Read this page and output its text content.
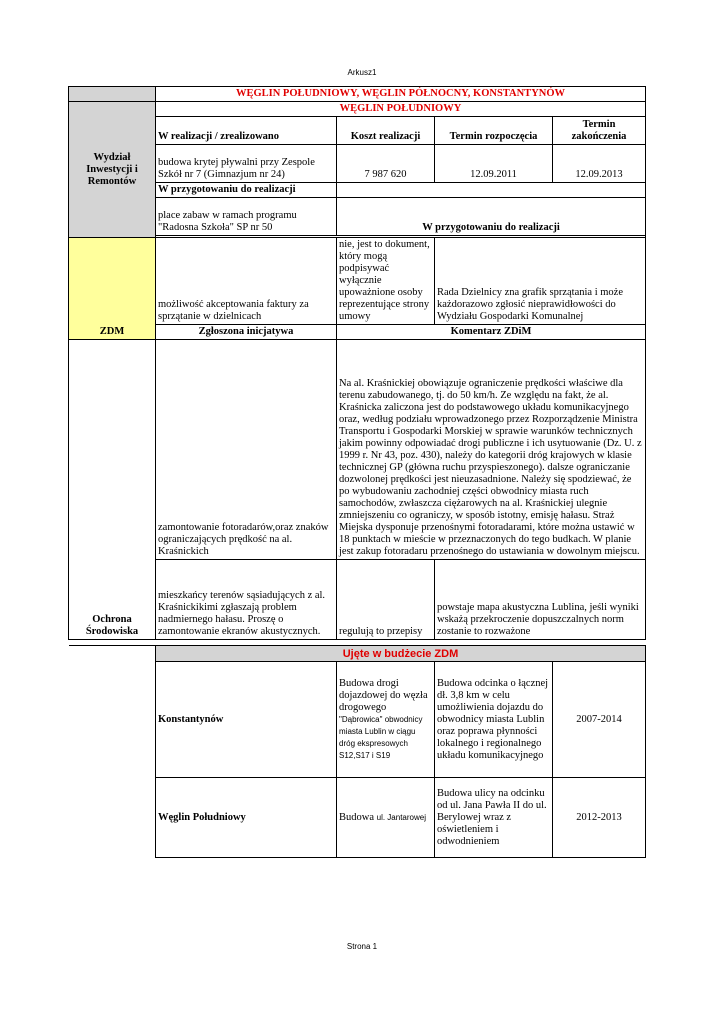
Arkusz1
	WĘGLIN POŁUDNIOWY, WĘGLIN PÓŁNOCNY, KONSTANTYNÓW			
Wydział Inwestycji i Remontów	WĘGLIN POŁUDNIOWY			
	W realizacji / zrealizowano	Koszt realizacji	Termin rozpoczęcia	Termin zakończenia
	budowa krytej pływalni przy Zespole Szkół nr 7 (Gimnazjum nr 24)	7 987 620	12.09.2011	12.09.2013
	W przygotowaniu do realizacji			
	place zabaw w ramach programu "Radosna Szkoła" SP nr 50	W przygotowaniu do realizacji		

ZDM	możliwość akceptowania faktury za sprzątanie w dzielnicach	nie, jest to dokument, który mogą podpisywać wyłącznie upoważnione osoby reprezentujące strony umowy	Rada Dzielnicy zna grafik sprzątania i może każdorazowo zgłosić nieprawidłowości do Wydziału Gospodarki Komunalnej	
	Zgłoszona inicjatywa	Komentarz ZDiM		
Ochrona Środowiska	zamontowanie fotoradarów,oraz znaków ograniczających prędkość na al. Kraśnickich	Na al. Kraśnickiej obowiązuje ograniczenie prędkości właściwe dla terenu zabudowanego, tj. do 50 km/h. Ze względu na fakt, że al. Kraśnicka zaliczona jest do podstawowego układu komunikacyjnego oraz, według podziału wprowadzonego przez Rozporządzenie Ministra Transportu i Gospodarki Morskiej w sprawie warunków technicznych jakim powinny odpowiadać drogi publiczne i ich usytuowanie (Dz. U. z 1999 r. Nr 43, poz. 430), należy do kategorii dróg krajowych w klasie technicznej GP (główna ruchu przyspieszonego). dalsze ograniczanie dozwolonej prędkości jest nieuzasadnione. Należy się spodziewać, że po wybudowaniu zachodniej części obwodnicy miasta ruch samochodów, zwłaszcza ciężarowych na al. Kraśnickiej ulegnie zmniejszeniu co ograniczy, w sposób istotny, emisję hałasu. Straż Miejska dysponuje przenośnymi fotoradarami, które można ustawić w 18 punktach w mieście w przeznaczonych do tego budkach. W planie jest zakup fotoradaru przenośnego do ustawiania w dowolnym miejscu.		
	mieszkańcy terenów sąsiadujących z al. Kraśnickikimi zgłaszają problem nadmiernego hałasu. Proszę o zamontowanie ekranów akustycznych.	regulują to przepisy	powstaje mapa akustyczna Lublina, jeśli wyniki wskażą przekroczenie dopuszczalnych norm zostanie to rozważone	

	Ujęte w budżecie ZDM			
	Konstantynów	Budowa drogi dojazdowej do węzła drogowego "Dąbrowica" obwodnicy miasta Lublin w ciągu dróg ekspresowych S12,S17 i S19	Budowa odcinka o łącznej dł. 3,8 km w celu umożliwienia dojazdu do obwodnicy miasta Lublin oraz poprawa płynności lokalnego i regionalnego układu komunikacyjnego	2007-2014
	Węglin Południowy	Budowa ul. Jantarowej	Budowa ulicy na odcinku od ul. Jana Pawła II do ul. Berylowej wraz z oświetleniem i odwodnieniem	2012-2013
Strona 1
